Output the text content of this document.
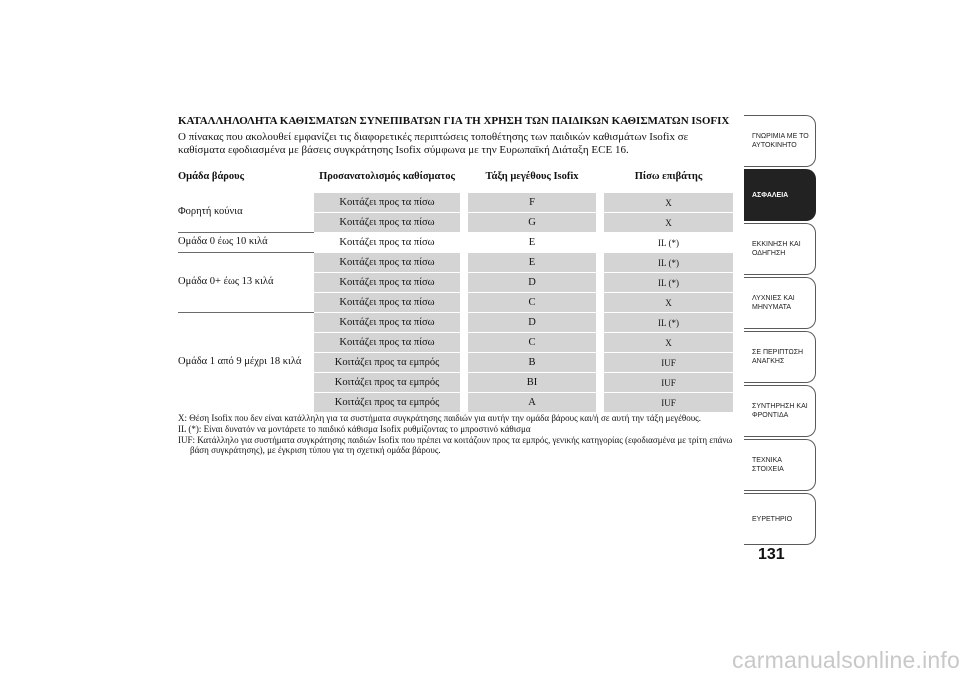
ΚΑΤΑΛΛΗΛΟΛΗΤΑ ΚΑΘΙΣΜΑΤΩΝ ΣΥΝΕΠΙΒΑΤΩΝ ΓΙΑ ΤΗ ΧΡΗΣΗ ΤΩΝ ΠΑΙΔΙΚΩΝ ΚΑΘΙΣΜΑΤΩΝ ISOFIX

Ο πίνακας που ακολουθεί εμφανίζει τις διαφορετικές περιπτώσεις τοποθέτησης των παιδικών καθισμάτων Isofix σε καθίσματα εφοδιασμένα με βάσεις συγκράτησης Isofix σύμφωνα με την Ευρωπαϊκή Διάταξη ECE 16.

Ομάδα βάρους	Προσανατολισμός καθίσματος		Τάξη μεγέθους Isofix		Πίσω επιβάτης
Φορητή κούνια	Κοιτάζει προς τα πίσω		F		X
	Κοιτάζει προς τα πίσω		G		X
Ομάδα 0 έως 10 κιλά	Κοιτάζει προς τα πίσω		E		IL (*)
Ομάδα 0+ έως 13 κιλά	Κοιτάζει προς τα πίσω		E		IL (*)
	Κοιτάζει προς τα πίσω		D		IL (*)
	Κοιτάζει προς τα πίσω		C		X
Ομάδα 1 από 9 μέχρι 18 κιλά	Κοιτάζει προς τα πίσω		D		IL (*)
	Κοιτάζει προς τα πίσω		C		X
	Κοιτάζει προς τα εμπρός		B		IUF
	Κοιτάζει προς τα εμπρός		BI		IUF
	Κοιτάζει προς τα εμπρός		A		IUF

X: Θέση Isofix που δεν είναι κατάλληλη για τα συστήματα συγκράτησης παιδιών για αυτήν την ομάδα βάρους και/ή σε αυτή την τάξη μεγέθους.

IL (*): Είναι δυνατόν να μοντάρετε το παιδικό κάθισμα Isofix ρυθμίζοντας το μπροστινό κάθισμα

IUF: Κατάλληλο για συστήματα συγκράτησης παιδιών Isofix που πρέπει να κοιτάζουν προς τα εμπρός, γενικής κατηγορίας (εφοδιασμένα με τρίτη επάνω βάση συγκράτησης), με έγκριση τύπου για τη σχετική ομάδα βάρους.

ΓΝΩΡΙΜΙΑ ΜΕ ΤΟ ΑΥΤΟΚΙΝΗΤΟ
ΑΣΦΑΛΕΙΑ
ΕΚΚΙΝΗΣΗ ΚΑΙ ΟΔΗΓΗΣΗ
ΛΥΧΝΙΕΣ ΚΑΙ ΜΗΝΥΜΑΤΑ
ΣΕ ΠΕΡΙΠΤΩΣΗ ΑΝΑΓΚΗΣ
ΣΥΝΤΗΡΗΣΗ ΚΑΙ ΦΡΟΝΤΙΔΑ
ΤΕΧΝΙΚΑ ΣΤΟΙΧΕΙΑ
ΕΥΡΕΤΗΡΙΟ
131
carmanualsonline.info
